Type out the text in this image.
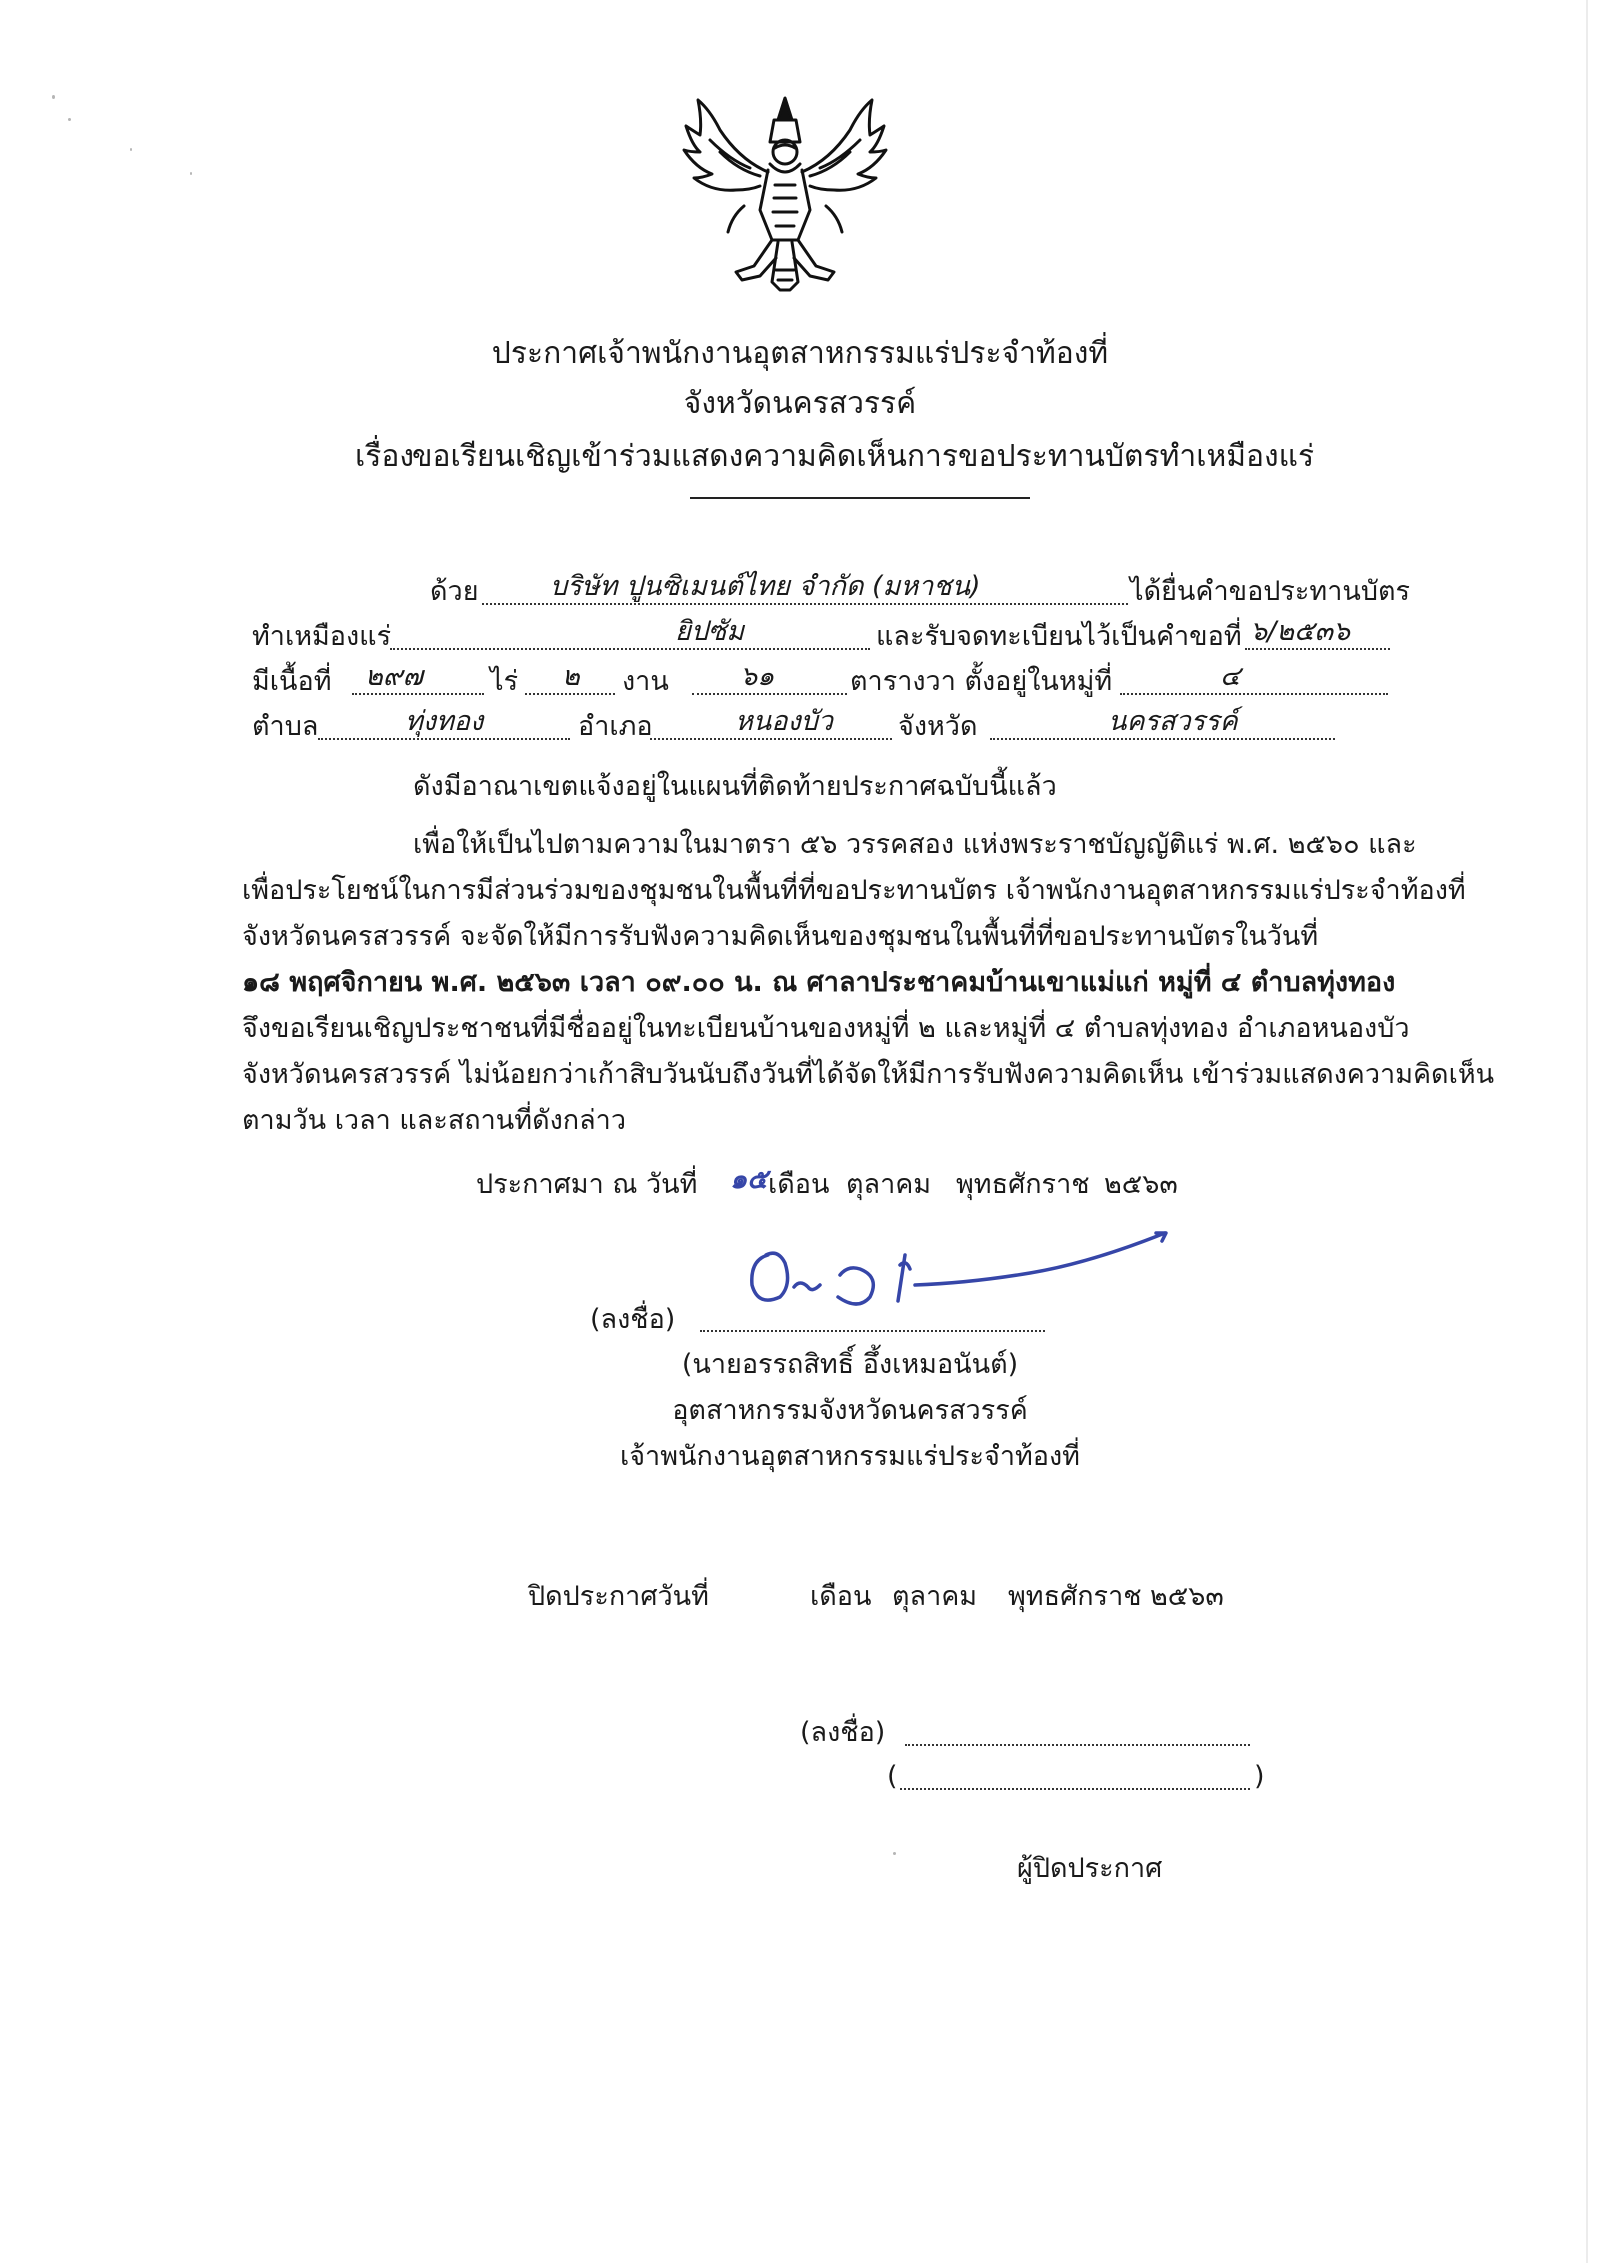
ประกาศเจ้าพนักงานอุตสาหกรรมแร่ประจำท้องที่
จังหวัดนครสวรรค์
เรื่อง
ขอเรียนเชิญเข้าร่วมแสดงความคิดเห็นการขอประทานบัตรทำเหมืองแร่
ด้วย	บริษัท ปูนซิเมนต์ไทย จำกัด (มหาชน)	ได้ยื่นคำขอประทานบัตร
ทำเหมืองแร่	ยิปซัม	และรับจดทะเบียนไว้เป็นคำขอที่ ๖/๒๕๓๖
มีเนื้อที่ ๒๙๗ ไร่ ๒ งาน	๖๑	ตารางวา ตั้งอยู่ในหมู่ที่	๔
ตำบล	ทุ่งทอง	อำเภอ	หนองบัว จังหวัด	นครสวรรค์
ดังมีอาณาเขตแจ้งอยู่ในแผนที่ติดท้ายประกาศฉบับนี้แล้ว
เพื่อให้เป็นไปตามความในมาตรา ๕๖ วรรคสอง แห่งพระราชบัญญัติแร่ พ.ศ. ๒๕๖๐ และ
เพื่อประโยชน์ในการมีส่วนร่วมของชุมชนในพื้นที่ที่ขอประทานบัตร เจ้าพนักงานอุตสาหกรรมแร่ประจำท้องที่
จังหวัดนครสวรรค์ จะจัดให้มีการรับฟังความคิดเห็นของชุมชนในพื้นที่ที่ขอประทานบัตรในวันที่
๑๘ พฤศจิกายน พ.ศ. ๒๕๖๓ เวลา ๐๙.๐๐ น. ณ ศาลาประชาคมบ้านเขาแม่แก่ หมู่ที่ ๔ ตำบลทุ่งทอง
จึงขอเรียนเชิญประชาชนที่มีชื่ออยู่ในทะเบียนบ้านของหมู่ที่ ๒ และหมู่ที่ ๔ ตำบลทุ่งทอง อำเภอหนองบัว
จังหวัดนครสวรรค์ ไม่น้อยกว่าเก้าสิบวันนับถึงวันที่ได้จัดให้มีการรับฟังความคิดเห็น เข้าร่วมแสดงความคิดเห็น
ตามวัน เวลา และสถานที่ดังกล่าว
ประกาศมา ณ วันที่ ๑๕ เดือน ตุลาคม พุทธศักราช ๒๕๖๓
(ลงชื่อ)
(นายอรรถสิทธิ์ อึ้งเหมอนันต์)
อุตสาหกรรมจังหวัดนครสวรรค์
เจ้าพนักงานอุตสาหกรรมแร่ประจำท้องที่
ปิดประกาศวันที่	เดือน ตุลาคม พุทธศักราช ๒๕๖๓
(ลงชื่อ)
(	)
ผู้ปิดประกาศ
